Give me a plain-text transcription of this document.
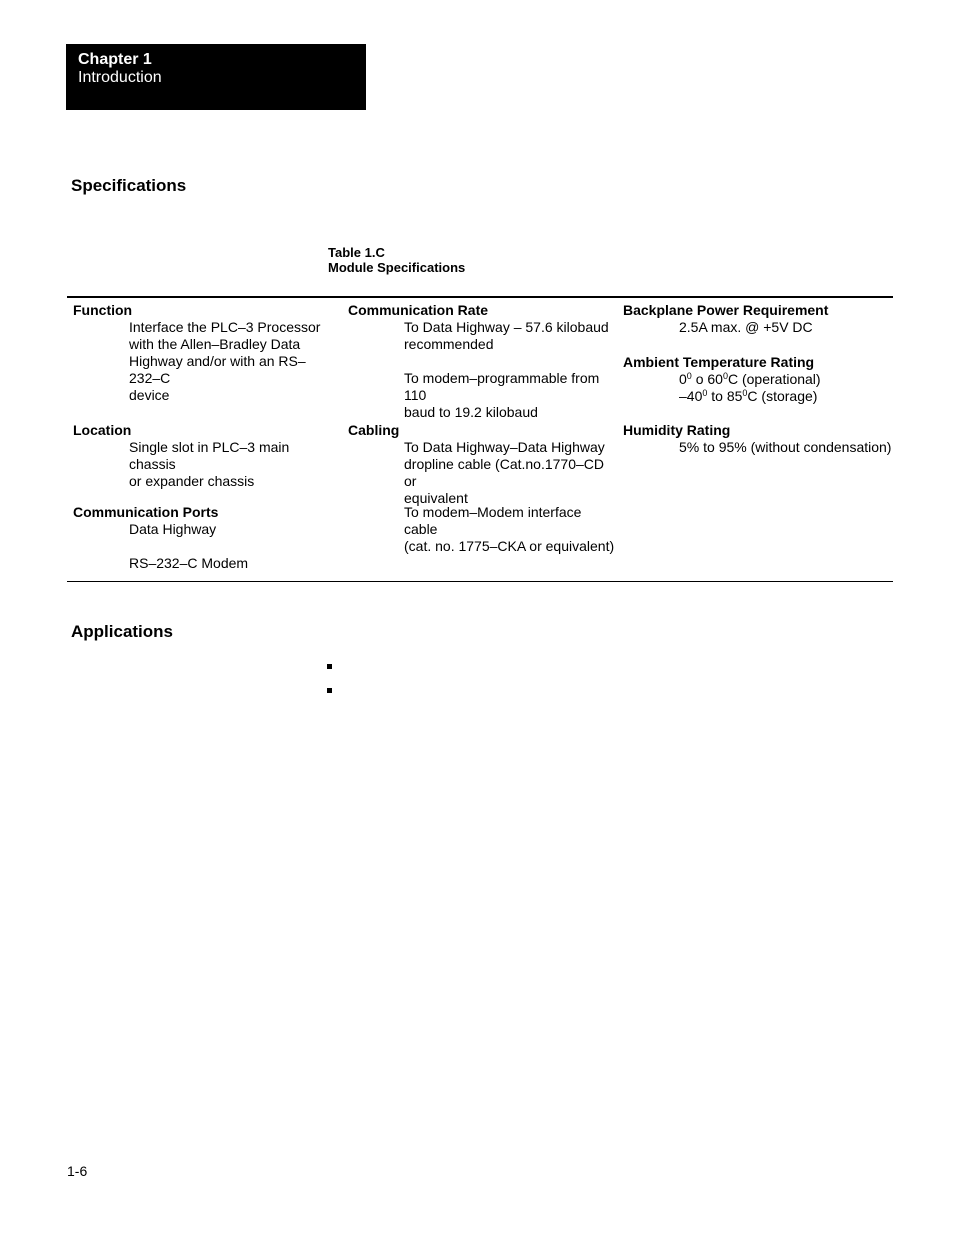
Chapter 1
Introduction
Specifications
Table 1.C
Module Specifications
Function
Interface the PLC–3 Processor
with the Allen–Bradley Data
Highway and/or with an RS–232–C
device
Location
Single slot in PLC–3 main chassis
or expander chassis
Communication Ports
Data Highway
RS–232–C Modem
Communication Rate
To Data Highway – 57.6 kilobaud
recommended
To modem–programmable from 110
baud to 19.2 kilobaud
Cabling
To Data Highway–Data Highway
dropline cable (Cat.no.1770–CD or
equivalent
To modem–Modem interface cable
(cat. no. 1775–CKA or equivalent)
Backplane Power Requirement
2.5A max. @ +5V DC
Ambient Temperature Rating
$0^0$ o $60^0C$ (operational)
$-40^0$ to $85^0C$ (storage)
Humidity Rating
5% to 95% (without condensation)
Applications
1-6
